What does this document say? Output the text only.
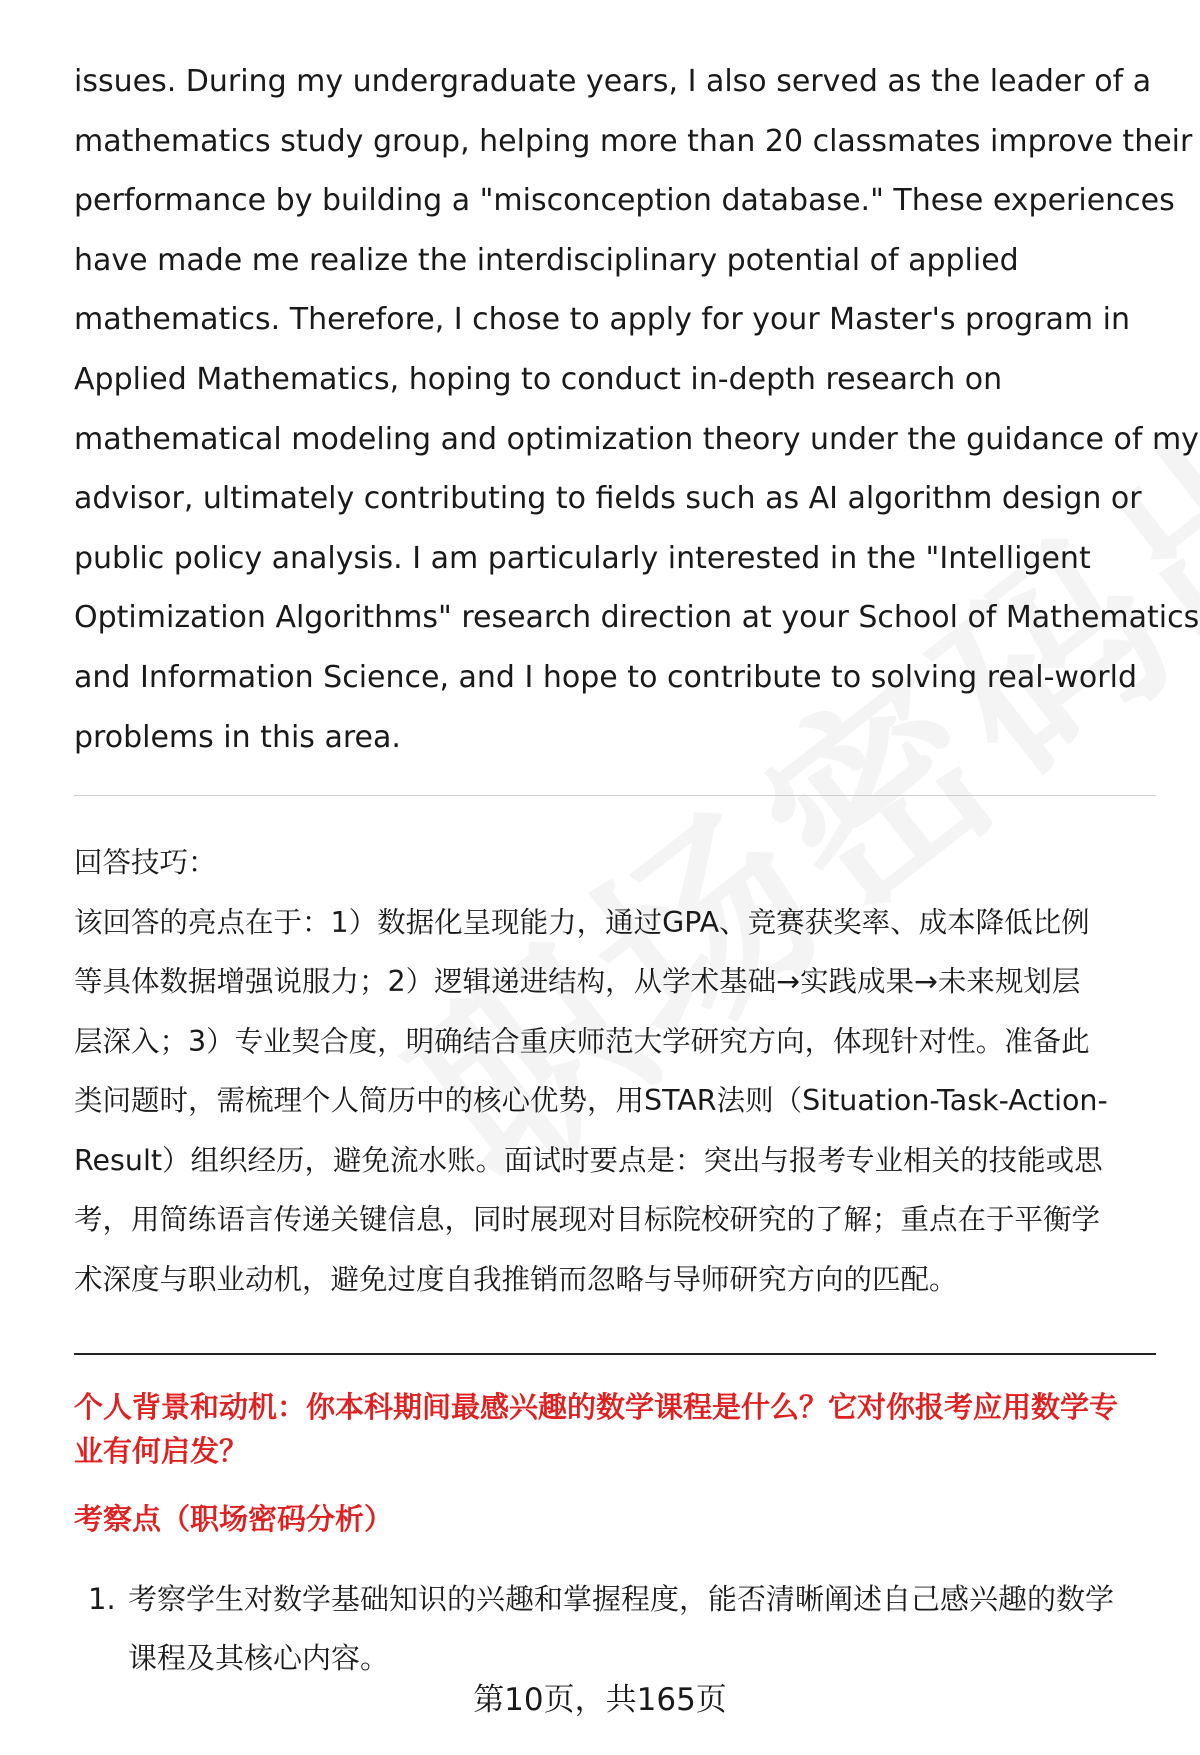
issues. During my undergraduate years, I also served as the leader of a
mathematics study group, helping more than 20 classmates improve their
performance by building a "misconception database." These experiences
have made me realize the interdisciplinary potential of applied
mathematics. Therefore, I chose to apply for your Master's program in
Applied Mathematics, hoping to conduct in-depth research on
mathematical modeling and optimization theory under the guidance of my
advisor, ultimately contributing to fields such as AI algorithm design or
public policy analysis. I am particularly interested in the "Intelligent
Optimization Algorithms" research direction at your School of Mathematics
and Information Science, and I hope to contribute to solving real-world
problems in this area.
回答技巧：
该回答的亮点在于：1）数据化呈现能力，通过GPA、竞赛获奖率、成本降低比例
等具体数据增强说服力；2）逻辑递进结构，从学术基础→实践成果→未来规划层
层深入；3）专业契合度，明确结合重庆师范大学研究方向，体现针对性。准备此
类问题时，需梳理个人简历中的核心优势，用STAR法则（Situation-Task-Action-
Result）组织经历，避免流水账。面试时要点是：突出与报考专业相关的技能或思
考，用简练语言传递关键信息，同时展现对目标院校研究的了解；重点在于平衡学
术深度与职业动机，避免过度自我推销而忽略与导师研究方向的匹配。
个人背景和动机：你本科期间最感兴趣的数学课程是什么？它对你报考应用数学专
业有何启发？
考察点（职场密码分析）
1. 考察学生对数学基础知识的兴趣和掌握程度，能否清晰阐述自己感兴趣的数学
课程及其核心内容。
第10页，共165页
